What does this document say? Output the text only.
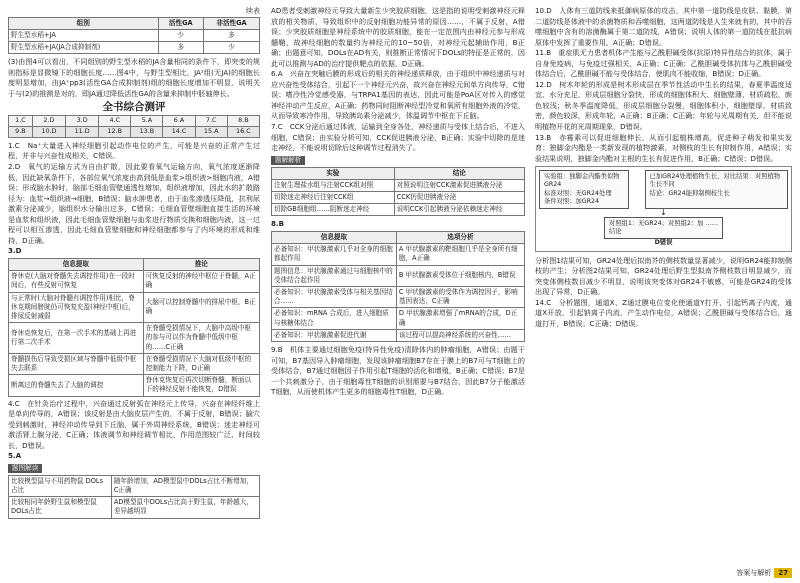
续表
组别	活性GA	非活性GA
野生型水稻+JA	少	多
野生型水稻+JA(JA合成抑制剂)	多	少

(3)由图4可以看出，不同组别的野生型水稻的JA含量相同的条件下，即突变的规则指标是显微镜下的细胞长度……图4中，与野生型相比，JA¹组(无JA)的细胞长度明显增加，由JA⁺pp3(活性GA合成抑制剂)组的细胞长度增加不明显，说明关于与(2)的推测是对的，即JA通过降低活性GA的含量来抑制中胚轴伸长。

全书综合测评
1.C	2.D	3.D	4.C	5.A	6.A	7.C	8.B
9.B	10.D	11.D	12.B	13.B	14.C	15.A	16.C

1.C　Na⁺大量进入神经细胞引起动作电位的产生，可能是兴奋的正常产生过程，并非与兴奋性成相关，C错误。

2.D　氧气的运输方式为自由扩散，因此要看氧气运输方向，氧气浓度逐渐降低，因此缺氧条件下，各部位氧气浓度由高到低是血浆>组织液>细胞内液，A错误；形成脑水肿时，脑部毛细血管壁通透性增加，组织液增加，因此水的扩散路径为：血浆→组织液→细胞，B错误；脑水肿患者，由于血浆渗透压降低，抗利尿激素分泌减少，脑组织水分输出过多，C错误；毛细血管壁细胞直接生活的环境是血浆和组织液，因此毛细血管壁细胞与血浆进行物质交换和细胞内液，这一过程可以相互渗透，因此毛细血管壁细胞和神经细胞都参与了内环境的形成和维持，D正确。

3.D

信息提取	推论
脊休克(大脑对脊髓失去调控作用)在一段时间后，有些反射可恢复	可恢复反射的神经中枢位于脊髓，A正确
与正常时(大脑对脊髓有调控作用)相比，脊休克期间膀胱仍可恢复充盈(神经中枢)后，排尿反射减弱	大脑可以控制脊髓中的排尿中枢，B正确
脊休克恢复后，在第一次手术的基础上再进行第二次手术	在脊髓受损情况下，大脑中高级中枢的参与可以作为脊髓中低级中枢的……C正确
脊髓损伤后导致受损区域与脊髓中低级中枢失去联系	在脊髓受损情况下大脑对低级中枢的控制能力下降，D正确
断离过的脊髓失去了大脑的调控	脊休克恢复后再次切断脊髓，断面以下的神经反射不能恢复，D错误

4.C　在针灸治疗过程中，兴奋通过反射弧在神经元上传导，兴奋在神经纤维上是单向传导的，A错误；该反射是由大脑皮层产生的，不属于反射，B错误；腧穴受到刺激时，神经冲动传导到下丘脑，属于外周神经系统，B错误；迷走神经可激活肾上腺分泌，C正确；体液调节和神经调节相比，作用范围较广泛、时间较长，D错误。

5.A

题图解读
比较模型鼠与不用药物鼠 DOLs占比	随年龄增加，AD模型鼠中DOLs占比不断增加，C正确
比较相同年龄野生鼠和模型鼠DOLs占比	AD模型鼠中DOLs占比高于野生鼠，年龄越大，差异越明显

AD患者受刺激神经元导致大量新生少突胶质细胞，这是指的说明受刺激神经元释放的相关物质，导致组织中的反射细胞功能异常的原因……，不属于反射，A错误；少突胶质细胞是神经系统中的胶质细胞，能在一定范围内由神经元参与形成髓鞘，故神经细胞的数量约为神经元的10~50倍，对神经元起辅助作用，B正确；由题意可知，DOLs在AD有关，则推断正常情况下DOLs的特征是正常的，因此可以推测与AD的治疗提供靶点的依据，D正确。

6.A　兴奋在突触后膜的形成后的相关的神经递质释放，由于组织中神经递质与对应兴奋性受体结合，引起下一个神经元兴奋，故兴奋在神经元间单方向传导，C错误；嗜冷性冷觉感受器，与TRPA1基因的表达，因此可能是PoA区对传入的感觉神经冲动产生反应，A正确；药物同时阻断神经型冷觉和氧所有细胞外液的冷觉，从而导致寒冷作用，导致胰岛素分泌减少，体温调节中枢在下丘脑。

7.C　CCK分泌后通过体液，运输到全身各处，神经递质与受体上结合后，不进入细胞，C错误；由实验分析可知，CCK促进胰液分泌，B正确；实验中切除的是迷走神经，不能说明切除后这种调节过程消失了。

题解解析
实验	结论
注射生理盐水组与注射CCK组对照	对照说明注射CCK激素促进胰液分泌
切除迷走神经后注射CCK组	CCK仍促进胰液分泌
切除GB细胞组……阻断迷走神经	说明CCK引起胰液分泌依赖迷走神经

8.B

信息提取	选项分析
必备知识：甲状腺激素几乎对全身的细胞都起作用	A 甲状腺激素的靶细胞几乎是全身所有细胞，A正确
题图信息：甲状腺激素通过与细胞核中的受体结合起作用	B 甲状腺激素受体位于细胞核内，B错误
必备知识：甲状腺激素受体与相关基因结合……	C 甲状腺激素的受体作为调控因子，影响基因表达，C正确
必备知识：mRNA 合成后，进入细胞质与核糖体结合	D 甲状腺激素增强了mRNA的合成，D正确
必备知识：甲状腺激素促进代谢	该过程可以提高神经系统的兴奋性……

9.B　机体主要通过细胞免疫(特异性免疫)清除体内的肿瘤细胞，A错误；由题干可知，B7基因导入肿瘤细胞，发现该肿瘤细胞B7存在于膜上的B7可与T细胞上的受体结合，B7通过细胞因子作用引起T细胞的活化和增殖，B正确；C错误；B7是一个共刺激分子，由于细胞毒性T细胞的识别需要与B7结合，因此B7分子能激活T细胞，从而使机体产生更多的细胞毒性T细胞，D正确。

10.D　人体有三道防线来抵御病原体的攻击，其中第一道防线是皮肤、黏膜，第二道防线是体液中的杀菌物质和吞噬细胞，这两道防线是人生来就有的，其中的吞噬细胞中含有的溶菌酶属于第二道防线，A错误；说明人体的第一道防线在抵抗病原体中发挥了重要作用，A正确；D错误。

11.B　重症肌无力患者机体产生能与乙酰胆碱受体(抗原)特异性结合的抗体，属于自身免疫病，与免疫过强相关，A正确；C正确；乙酰胆碱受体抗体与乙酰胆碱受体结合后，乙酰胆碱不能与受体结合，使肌肉不能收缩，B错误；D正确。

12.D　树木年轮的形成是树木形成层在季节性活动中生长的结果，春夏季温度适宜、水分充足，形成层细胞分裂快，形成的细胞体积大、细胞壁薄，材质疏松，颜色较浅；秋冬季温度降低，形成层细胞分裂慢，细胞体积小，细胞壁厚，材质致密，颜色较深，形成年轮，A正确；B正确；C正确；年轮与光周期有关，但不能说明植物开花的光周期现象，D错误。

13.B　赤霉素可以促进细胞伸长，从而引起植株增高，促进种子萌发和果实发育；独脚金内酯是一类新发现的植物激素，对侧枝的生长有抑制作用，A错误；实验结果说明，独脚金内酯对主根的生长有促进作用，B正确；C错误；D错误。

实验组：独脚金内酯类似物GR24
标准对照：无GR24处理
条件对照：加GR24
已加GR24处理植物生长，对比结果：对照植物生长不同
结论：GR24能抑制侧枝生长
↓
对照组1：无GR24；对照组2：加 ……
结论
D错误

分析图1结果可知，GR24处理后拟南芥的侧枝数量显著减少，说明GR24能抑制侧枝的产生；分析图2结果可知，GR24处理后野生型拟南芥侧枝数目明显减少，而突变体侧枝数目减少不明显，说明该突变体对GR24不敏感，可能是GR24的受体出现了异常，D正确。

14.C　分析题图，通道X、Z通过膜电位变化使通道Y打开，引起钙离子内流，通道X开放，引起钠离子内流，产生动作电位，A错误；乙酰胆碱与受体结合后，通道打开，B错误；C正确；D错误。

答案与解析	27
